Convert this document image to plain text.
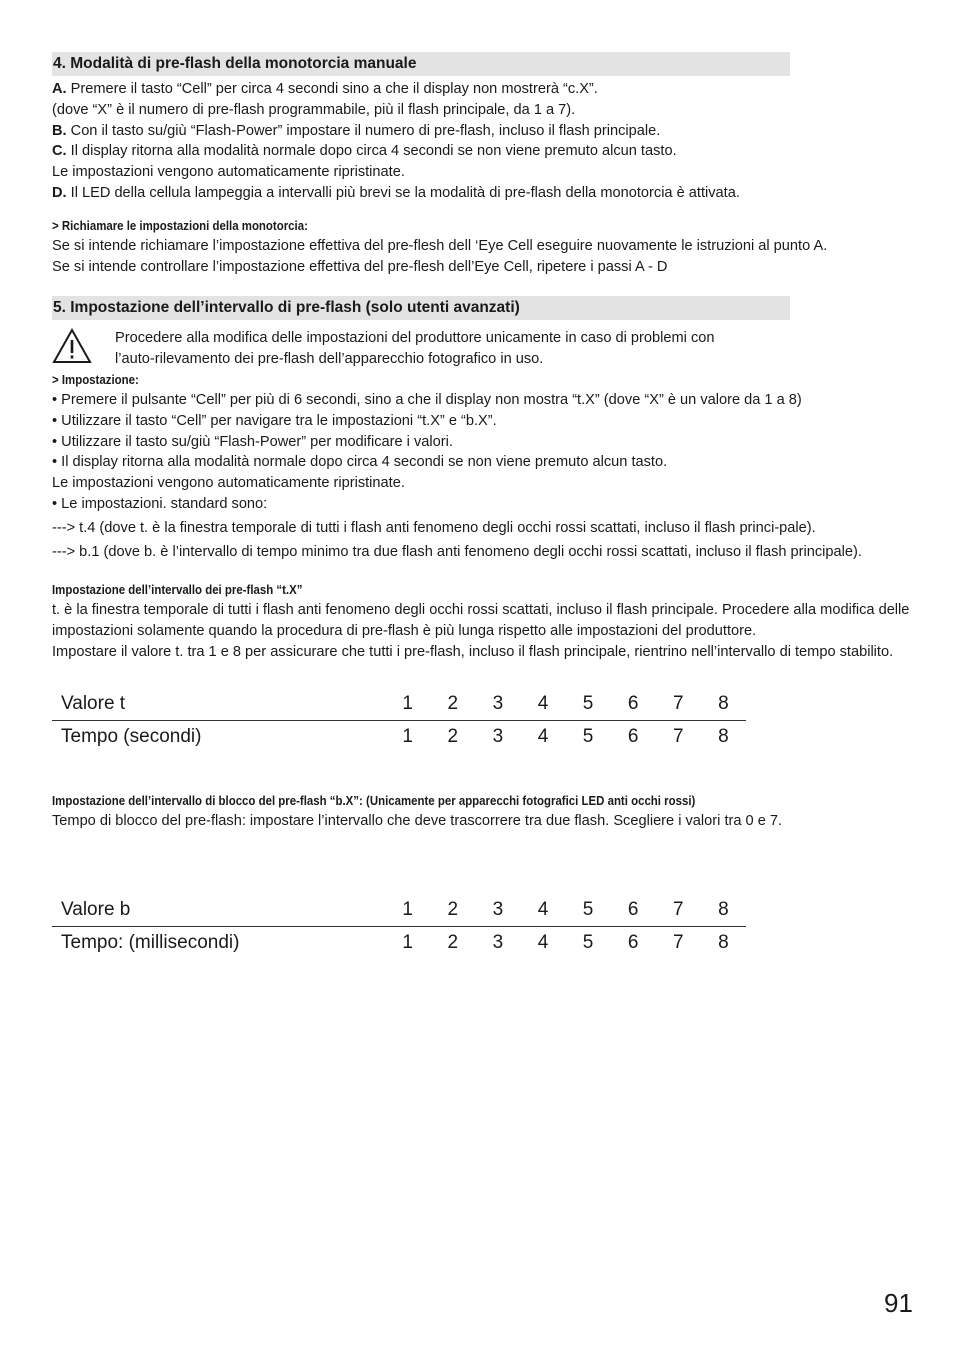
4. Modalità di pre-flash della monotorcia manuale

A. Premere il tasto “Cell” per circa 4 secondi sino a che il display non mostrerà “c.X”.

(dove “X” è il numero di pre-flash programmabile, più il flash principale, da 1 a 7).

B. Con il tasto su/giù “Flash-Power” impostare il numero di pre-flash, incluso il flash principale.

C. Il display ritorna alla modalità normale dopo circa 4 secondi se non viene premuto alcun tasto.

Le impostazioni vengono automaticamente ripristinate.

D. Il LED della cellula lampeggia a intervalli più brevi se la modalità di pre-flash della monotorcia è attivata.

> Richiamare le impostazioni della monotorcia:

Se si intende richiamare l’impostazione effettiva del pre-flesh dell ‘Eye Cell eseguire nuovamente le istruzioni al punto A.

Se si intende controllare l’impostazione effettiva del pre-flesh dell’Eye Cell, ripetere i passi A - D

5. Impostazione dell’intervallo di pre-flash (solo utenti avanzati)

Procedere alla modifica delle impostazioni del produttore unicamente in caso di problemi con

l’auto-rilevamento dei pre-flash dell’apparecchio fotografico in uso.

> Impostazione:

• Premere il pulsante “Cell” per più di 6 secondi, sino a che il display non mostra “t.X” (dove “X” è un valore da 1 a 8)

• Utilizzare il tasto “Cell” per navigare tra le impostazioni “t.X” e “b.X”.

• Utilizzare il tasto su/giù “Flash-Power” per modificare i valori.

• Il display ritorna alla modalità normale dopo circa 4 secondi se non viene premuto alcun tasto.

Le impostazioni vengono automaticamente ripristinate.

• Le impostazioni. standard sono:

---> t.4 (dove t. è la finestra temporale di tutti i flash anti fenomeno degli occhi rossi scattati, incluso il flash princi-pale).

---> b.1 (dove b. è l’intervallo di tempo minimo tra due flash anti fenomeno degli occhi rossi scattati, incluso il flash principale).

Impostazione dell’intervallo dei pre-flash “t.X”

t. è la finestra temporale di tutti i flash anti fenomeno degli occhi rossi scattati, incluso il flash principale. Procedere alla modifica delle impostazioni solamente quando la procedura di pre-flash è più lunga rispetto alle impostazioni del produttore.

Impostare il valore t. tra 1 e 8 per assicurare che tutti i pre-flash, incluso il flash principale, rientrino nell’intervallo di tempo stabilito.

Valore t	1	2	3	4	5	6	7	8
Tempo (secondi)	1	2	3	4	5	6	7	8

Impostazione dell’intervallo di blocco del pre-flash “b.X”: (Unicamente per apparecchi fotografici LED anti occhi rossi)

Tempo di blocco del pre-flash: impostare l’intervallo che deve trascorrere tra due flash. Scegliere i valori tra 0 e 7.

Valore b	1	2	3	4	5	6	7	8
Tempo: (millisecondi)	1	2	3	4	5	6	7	8
91
